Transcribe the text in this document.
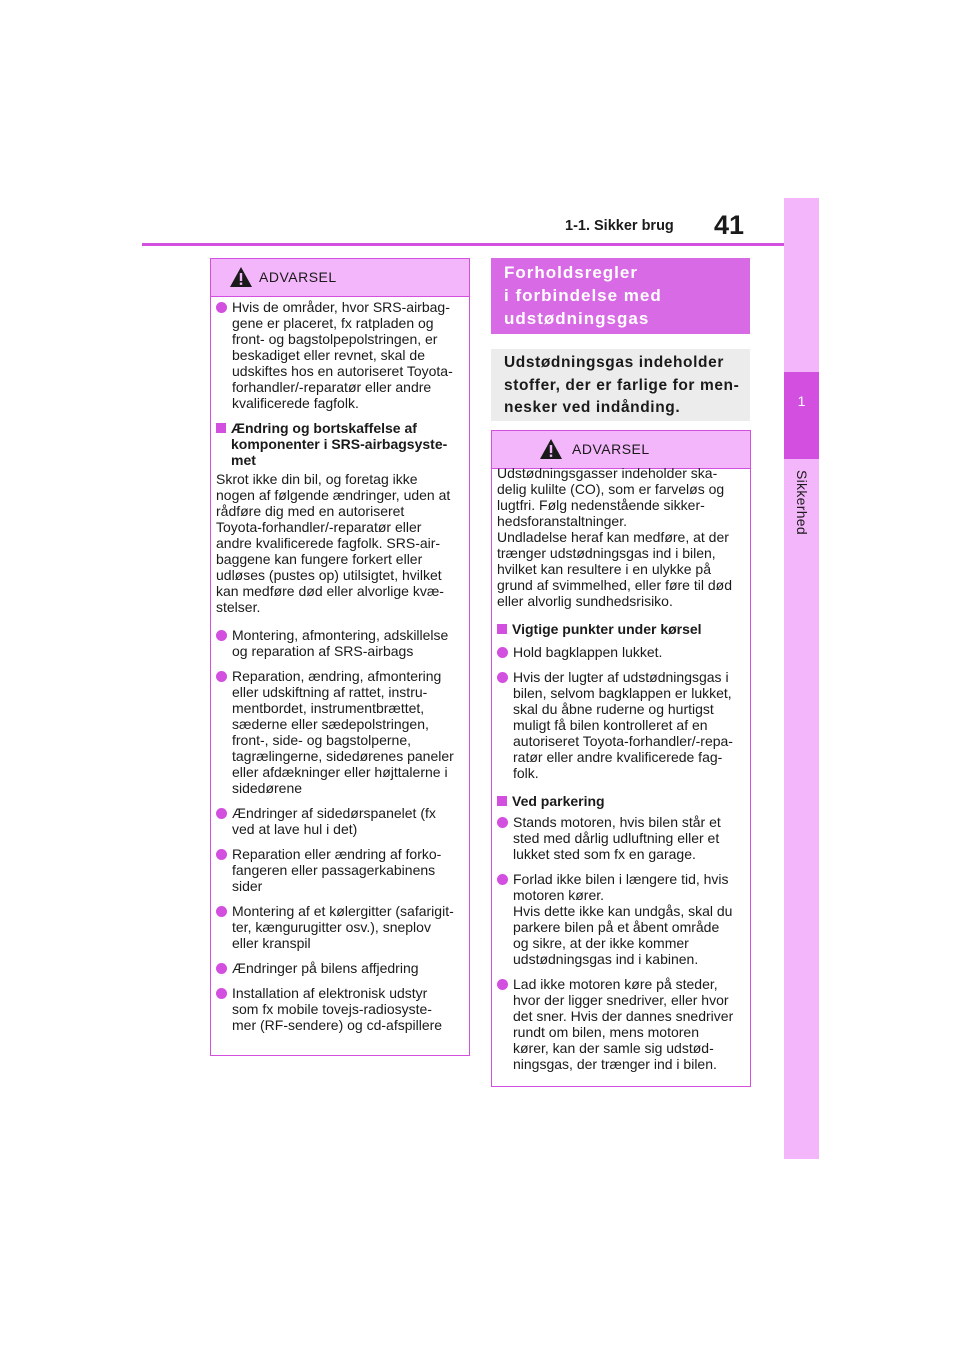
1-1. Sikker brug 41
1
Sikkerhed
ADVARSEL
Hvis de områder, hvor SRS-airbag-
gene er placeret, fx ratpladen og
front- og bagstolpepolstringen, er
beskadiget eller revnet, skal de
udskiftes hos en autoriseret Toyota-
forhandler/-reparatør eller andre
kvalificerede fagfolk.
Ændring og bortskaffelse af
komponenter i SRS-airbagsyste-
met

Skrot ikke din bil, og foretag ikke
nogen af følgende ændringer, uden at
rådføre dig med en autoriseret
Toyota-forhandler/-reparatør eller
andre kvalificerede fagfolk. SRS-air-
baggene kan fungere forkert eller
udløses (pustes op) utilsigtet, hvilket
kan medføre død eller alvorlige kvæ-
stelser.

Montering, afmontering, adskillelse
og reparation af SRS-airbags
Reparation, ændring, afmontering
eller udskiftning af rattet, instru-
mentbordet, instrumentbrættet,
sæderne eller sædepolstringen,
front-, side- og bagstolperne,
tagrælingerne, sidedørenes paneler
eller afdækninger eller højttalerne i
sidedørene
Ændringer af sidedørspanelet (fx
ved at lave hul i det)
Reparation eller ændring af forko-
fangeren eller passagerkabinens
sider
Montering af et kølergitter (safarigit-
ter, kængurugitter osv.), sneplov
eller kranspil
Ændringer på bilens affjedring
Installation af elektronisk udstyr
som fx mobile tovejs-radiosyste-
mer (RF-sendere) og cd-afspillere
Forholdsregler
i forbindelse med
udstødningsgas
Udstødningsgas indeholder
stoffer, der er farlige for men-
nesker ved indånding.
ADVARSEL

Udstødningsgasser indeholder ska-
delig kulilte (CO), som er farveløs og
lugtfri. Følg nedenstående sikker-
hedsforanstaltninger.
Undladelse heraf kan medføre, at der
trænger udstødningsgas ind i bilen,
hvilket kan resultere i en ulykke på
grund af svimmelhed, eller føre til død
eller alvorlig sundhedsrisiko.

Vigtige punkter under kørsel
Hold bagklappen lukket.
Hvis der lugter af udstødningsgas i
bilen, selvom bagklappen er lukket,
skal du åbne ruderne og hurtigst
muligt få bilen kontrolleret af en
autoriseret Toyota-forhandler/-repa-
ratør eller andre kvalificerede fag-
folk.
Ved parkering
Stands motoren, hvis bilen står et
sted med dårlig udluftning eller et
lukket sted som fx en garage.
Forlad ikke bilen i længere tid, hvis
motoren kører.
Hvis dette ikke kan undgås, skal du
parkere bilen på et åbent område
og sikre, at der ikke kommer
udstødningsgas ind i kabinen.
Lad ikke motoren køre på steder,
hvor der ligger snedriver, eller hvor
det sner. Hvis der dannes snedriver
rundt om bilen, mens motoren
kører, kan der samle sig udstød-
ningsgas, der trænger ind i bilen.
